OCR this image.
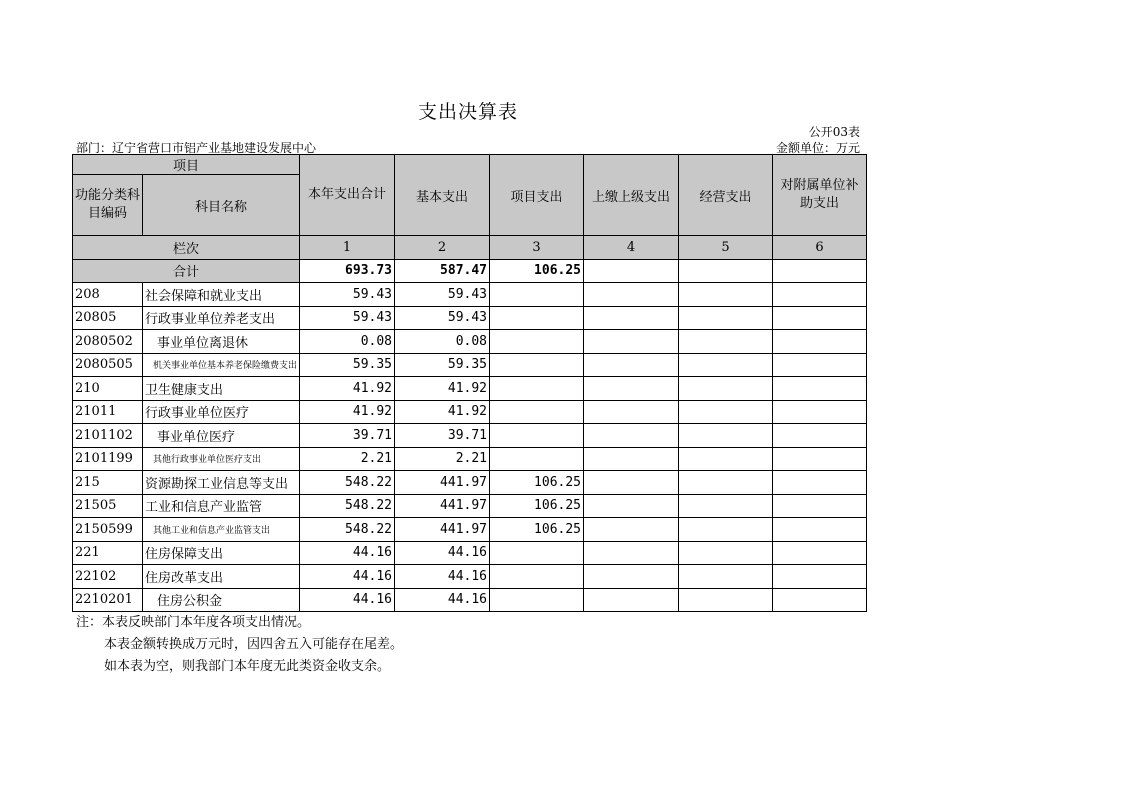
支出决算表
公开03表
部门：辽宁省营口市铝产业基地建设发展中心	金额单位：万元
项目		本年支出合计	基本支出	项目支出	上缴上级支出	经营支出	对附属单位补助支出
功能分类科目编码	科目名称						
栏次		1	2	3	4	5	6
合计		693.73	587.47	106.25			
208	社会保障和就业支出	59.43	59.43				
20805	行政事业单位养老支出	59.43	59.43				
2080502	事业单位离退休	0.08	0.08				
2080505	机关事业单位基本养老保险缴费支出	59.35	59.35				
210	卫生健康支出	41.92	41.92				
21011	行政事业单位医疗	41.92	41.92				
2101102	事业单位医疗	39.71	39.71				
2101199	其他行政事业单位医疗支出	2.21	2.21				
215	资源勘探工业信息等支出	548.22	441.97	106.25			
21505	工业和信息产业监管	548.22	441.97	106.25			
2150599	其他工业和信息产业监管支出	548.22	441.97	106.25			
221	住房保障支出	44.16	44.16				
22102	住房改革支出	44.16	44.16				
2210201	住房公积金	44.16	44.16				
注：本表反映部门本年度各项支出情况。
本表金额转换成万元时，因四舍五入可能存在尾差。
如本表为空，则我部门本年度无此类资金收支余。
